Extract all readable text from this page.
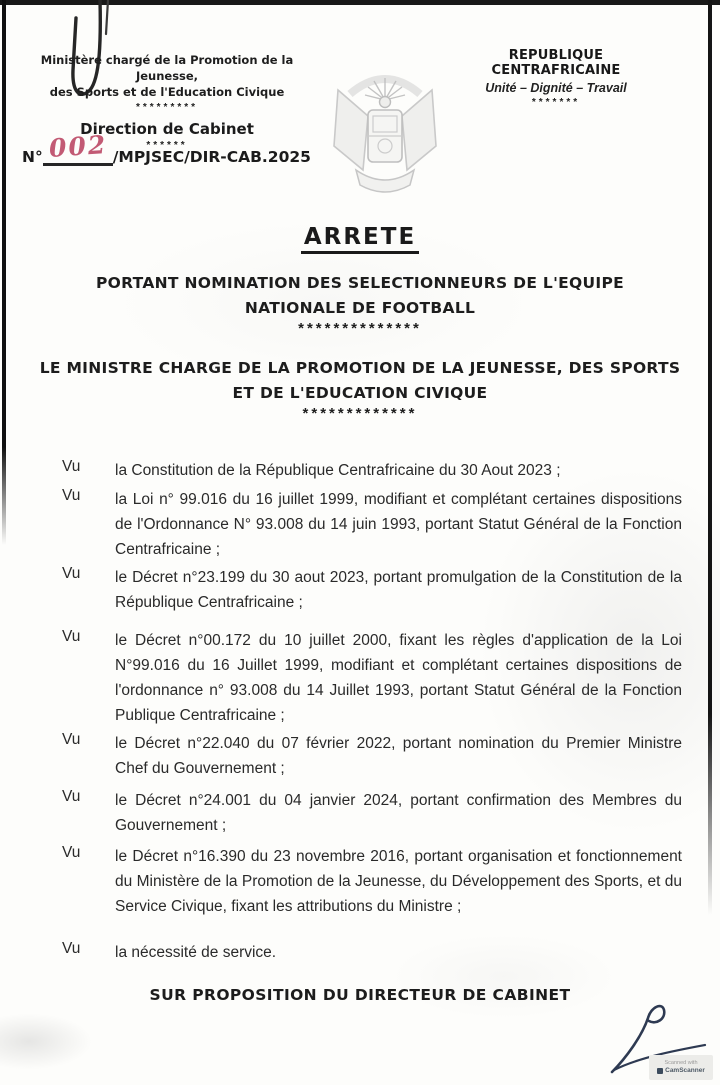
Ministère chargé de la Promotion de la Jeunesse,
des Sports et de l'Education Civique
*********
Direction de Cabinet
******
N° 002 /MPJSEC/DIR-CAB.2025
REPUBLIQUE CENTRAFRICAINE
Unité – Dignité – Travail
*******
ARRETE
PORTANT NOMINATION DES SELECTIONNEURS DE L'EQUIPE
NATIONALE DE FOOTBALL
**************
LE MINISTRE CHARGE DE LA PROMOTION DE LA JEUNESSE, DES SPORTS
ET DE L'EDUCATION CIVIQUE
*************
Vu	la Constitution de la République Centrafricaine du 30 Aout 2023 ;
Vu	la Loi n° 99.016 du 16 juillet 1999, modifiant et complétant certaines dispositions de l'Ordonnance N° 93.008 du 14 juin 1993, portant Statut Général de la Fonction Centrafricaine ;
Vu	le Décret n°23.199 du 30 aout 2023, portant promulgation de la Constitution de la République Centrafricaine ;
Vu	le Décret n°00.172 du 10 juillet 2000, fixant les règles d'application de la Loi N°99.016 du 16 Juillet 1999, modifiant et complétant certaines dispositions de l'ordonnance n° 93.008 du 14 Juillet 1993, portant Statut Général de la Fonction Publique Centrafricaine ;
Vu	le Décret n°22.040 du 07 février 2022, portant nomination du Premier Ministre Chef du Gouvernement ;
Vu	le Décret n°24.001 du 04 janvier 2024, portant confirmation des Membres du Gouvernement ;
Vu	le Décret n°16.390 du 23 novembre 2016, portant organisation et fonctionnement du Ministère de la Promotion de la Jeunesse, du Développement des Sports, et du Service Civique, fixant les attributions du Ministre ;
Vu	la nécessité de service.
SUR PROPOSITION DU DIRECTEUR DE CABINET
Scanned with
CamScanner
